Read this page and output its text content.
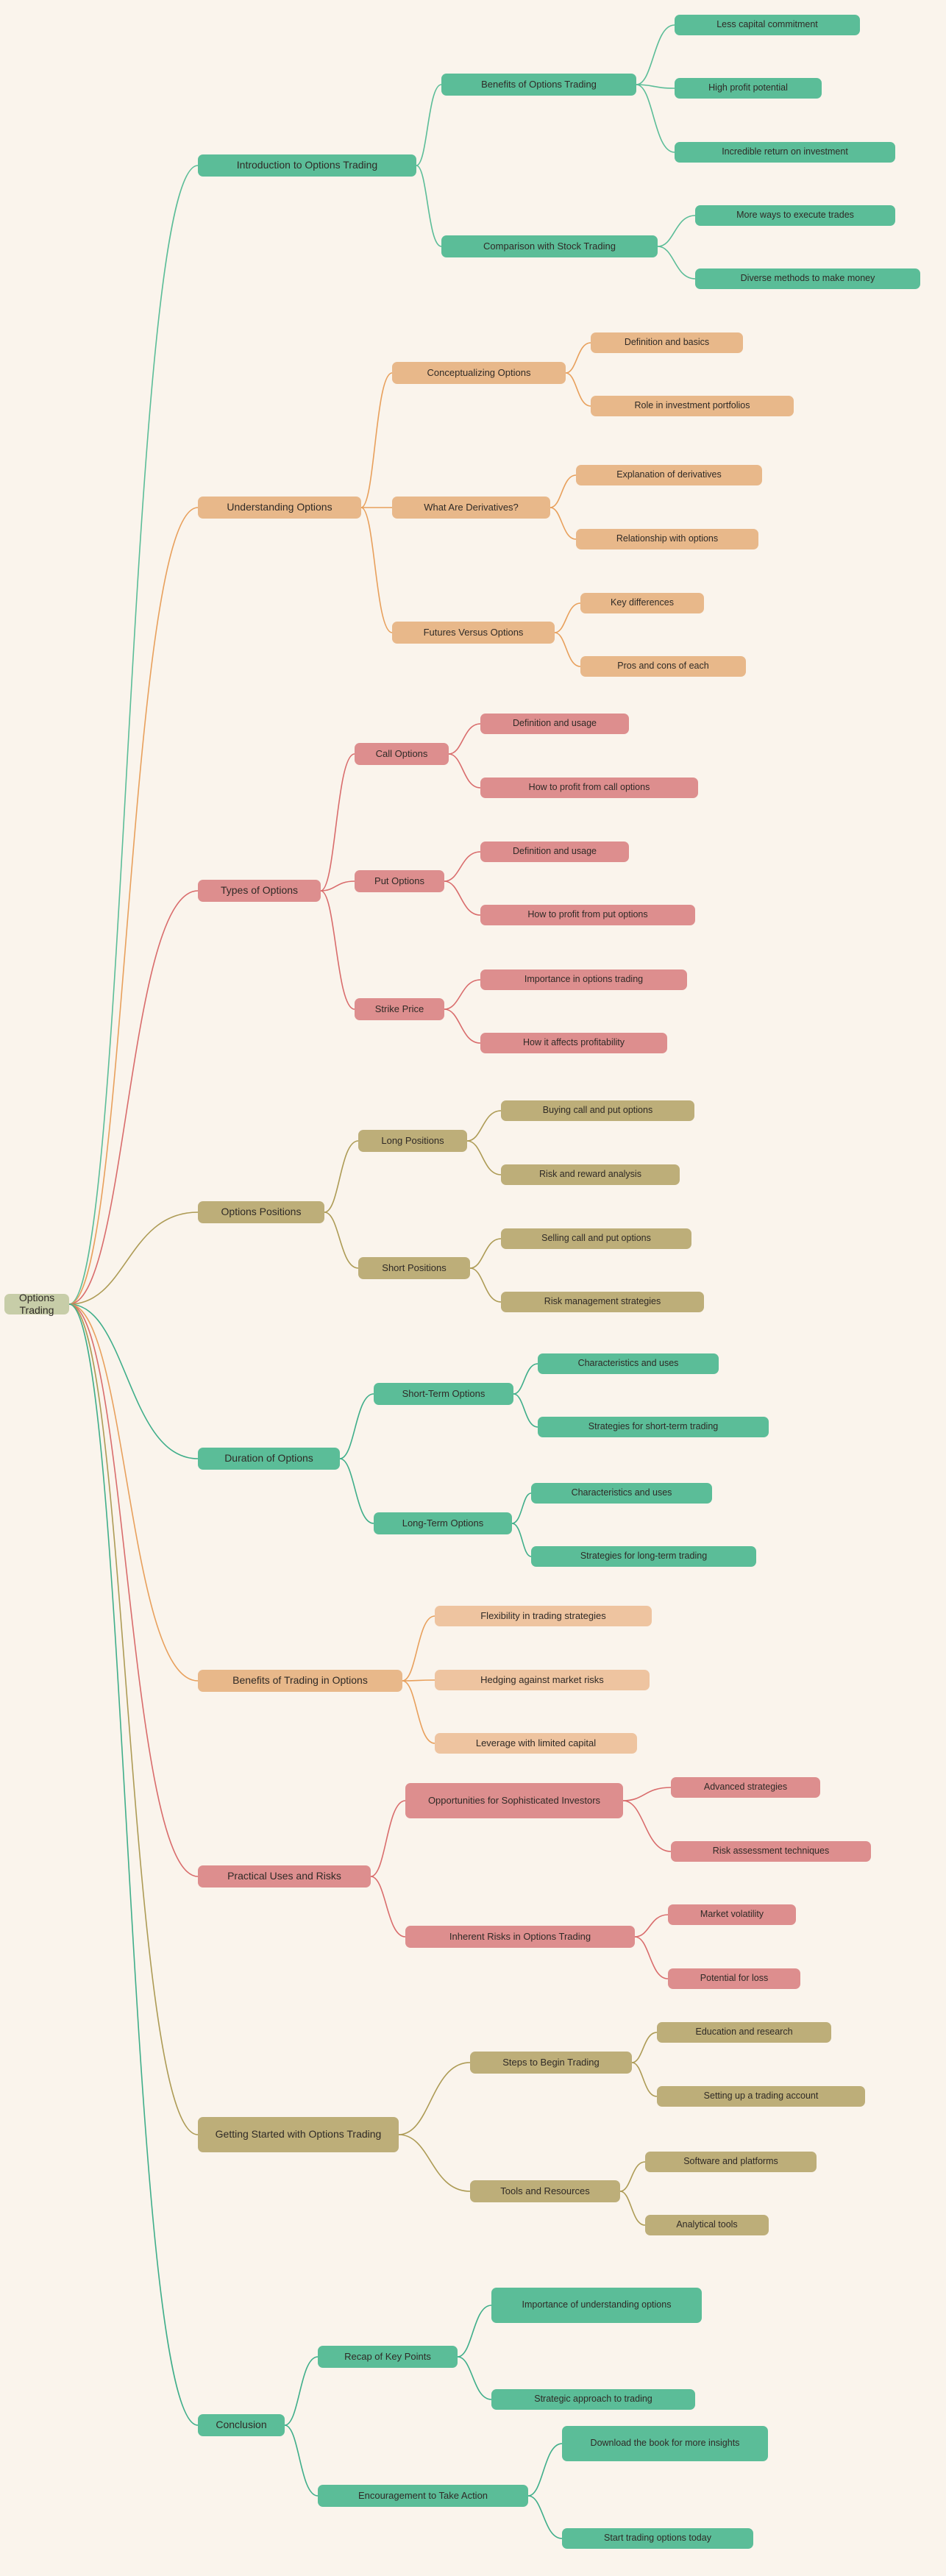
Options Trading
Introduction to Options Trading
Benefits of Options Trading
Less capital commitment
High profit potential
Incredible return on investment
Comparison with Stock Trading
More ways to execute trades
Diverse methods to make money
Understanding Options
Conceptualizing Options
Definition and basics
Role in investment portfolios
What Are Derivatives?
Explanation of derivatives
Relationship with options
Futures Versus Options
Key differences
Pros and cons of each
Types of Options
Call Options
Definition and usage
How to profit from call options
Put Options
Definition and usage
How to profit from put options
Strike Price
Importance in options trading
How it affects profitability
Options Positions
Long Positions
Buying call and put options
Risk and reward analysis
Short Positions
Selling call and put options
Risk management strategies
Duration of Options
Short-Term Options
Characteristics and uses
Strategies for short-term trading
Long-Term Options
Characteristics and uses
Strategies for long-term trading
Benefits of Trading in Options
Flexibility in trading strategies
Hedging against market risks
Leverage with limited capital
Practical Uses and Risks
Opportunities for Sophisticated Investors
Advanced strategies
Risk assessment techniques
Inherent Risks in Options Trading
Market volatility
Potential for loss
Getting Started with Options Trading
Steps to Begin Trading
Education and research
Setting up a trading account
Tools and Resources
Software and platforms
Analytical tools
Conclusion
Recap of Key Points
Importance of understanding options
Strategic approach to trading
Encouragement to Take Action
Download the book for more insights
Start trading options today
